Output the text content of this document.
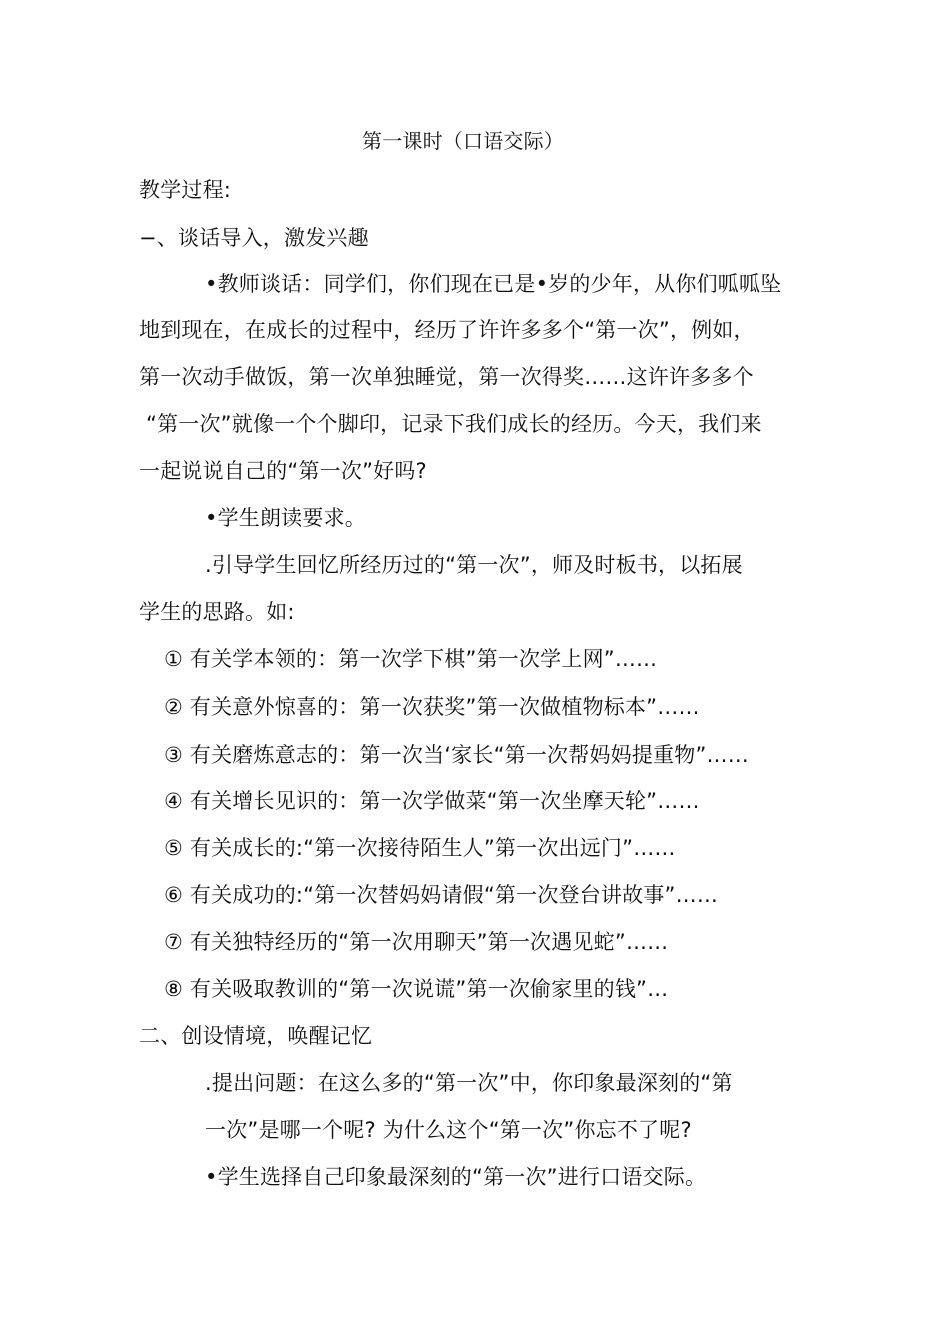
第一课时（口语交际）
教学过程:
−、谈话导入，激发兴趣
•教师谈话：同学们，你们现在已是•岁的少年，从你们呱呱坠
地到现在，在成长的过程中，经历了许许多多个“第一次”，例如，
第一次动手做饭，第一次单独睡觉，第一次得奖……这许许多多个
“第一次”就像一个个脚印，记录下我们成长的经历。今天，我们来
一起说说自己的“第一次”好吗?
•学生朗读要求。
.引导学生回忆所经历过的“第一次”，师及时板书，以拓展
学生的思路。如:
① 有关学本领的：第一次学下棋”第一次学上网”……
② 有关意外惊喜的：第一次获奖”第一次做植物标本”……
③ 有关磨炼意志的：第一次当‘家长“第一次帮妈妈提重物”……
④ 有关增长见识的：第一次学做菜“第一次坐摩天轮”……
⑤ 有关成长的:“第一次接待陌生人”第一次出远门”……
⑥ 有关成功的:“第一次替妈妈请假“第一次登台讲故事”……
⑦ 有关独特经历的“第一次用聊天”第一次遇见蛇”……
⑧ 有关吸取教训的“第一次说谎”第一次偷家里的钱”…
二、创设情境，唤醒记忆
.提出问题：在这么多的“第一次”中，你印象最深刻的“第
一次”是哪一个呢? 为什么这个“第一次”你忘不了呢?
•学生选择自己印象最深刻的“第一次”进行口语交际。
